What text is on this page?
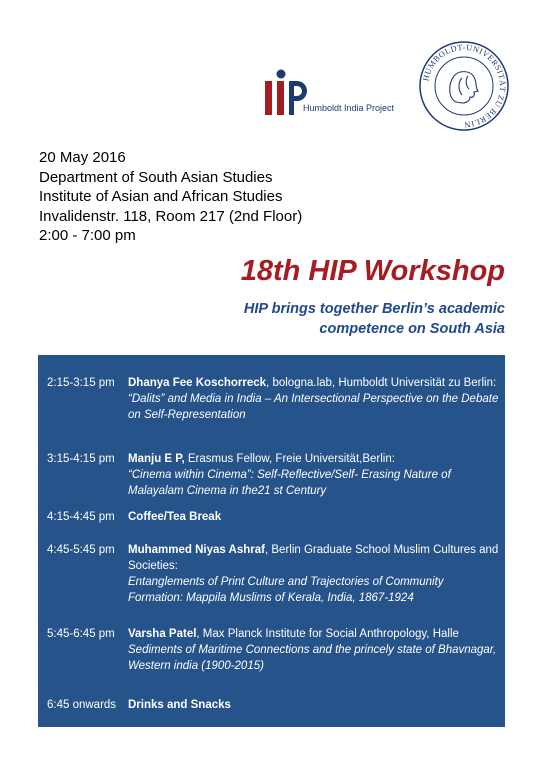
Humboldt India Project
HUMBOLDT-UNIVERSITÄT ZU BERLIN
20 May 2016
Department of South Asian Studies
Institute of Asian and African Studies
Invalidenstr. 118, Room 217 (2nd Floor)
2:00 - 7:00 pm
18th HIP Workshop
HIP brings together Berlin’s academic competence on South Asia
2:15-3:15 pm Dhanya Fee Koschorreck, bologna.lab, Humboldt Universität zu Berlin:
“Dalits” and Media in India – An Intersectional Perspective on the Debate on Self-Representation
3:15-4:15 pm Manju E P, Erasmus Fellow, Freie Universität,Berlin:
“Cinema within Cinema”: Self-Reflective/Self- Erasing Nature of Malayalam Cinema in the21 st Century
4:15-4:45 pm Coffee/Tea Break
4:45-5:45 pm Muhammed Niyas Ashraf, Berlin Graduate School Muslim Cultures and Societies:
Entanglements of Print Culture and Trajectories of Community Formation: Mappila Muslims of Kerala, India, 1867-1924
5:45-6:45 pm Varsha Patel, Max Planck Institute for Social Anthropology, Halle
Sediments of Maritime Connections and the princely state of Bhavnagar, Western india (1900-2015)
6:45 onwards Drinks and Snacks
